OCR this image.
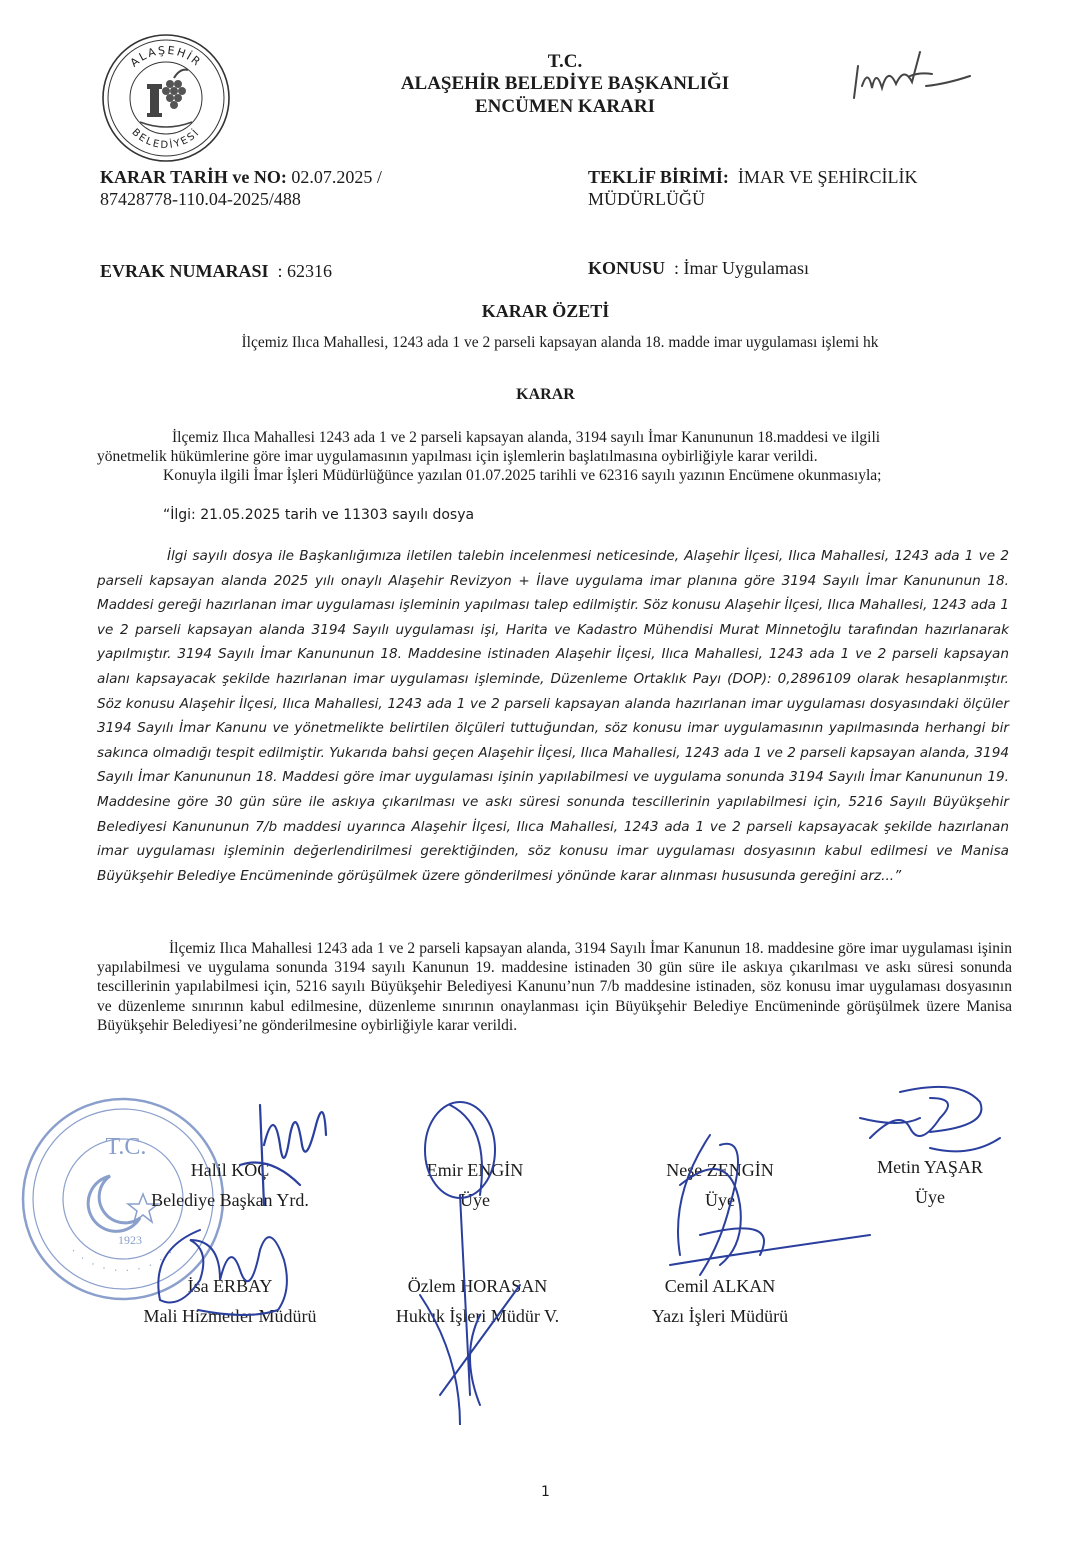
ALAŞEHİR
BELEDİYESİ
T.C.
ALAŞEHİR BELEDİYE BAŞKANLIĞI
ENCÜMEN KARARI
KARAR TARİH ve NO: 02.07.2025 /
87428778-110.04-2025/488
TEKLİF BİRİMİ: İMAR VE ŞEHİRCİLİK
MÜDÜRLÜĞÜ
EVRAK NUMARASI : 62316	KONUSU : İmar Uygulaması
KARAR ÖZETİ
İlçemiz Ilıca Mahallesi, 1243 ada 1 ve 2 parseli kapsayan alanda 18. madde imar uygulaması işlemi hk
KARAR
İlçemiz Ilıca Mahallesi 1243 ada 1 ve 2 parseli kapsayan alanda, 3194 sayılı İmar Kanununun 18.maddesi ve ilgili
yönetmelik hükümlerine göre imar uygulamasının yapılması için işlemlerin başlatılmasına oybirliğiyle karar verildi.
Konuyla ilgili İmar İşleri Müdürlüğünce yazılan 01.07.2025 tarihli ve 62316 sayılı yazının Encümene okunmasıyla;
“İlgi: 21.05.2025 tarih ve 11303 sayılı dosya
İlgi sayılı dosya ile Başkanlığımıza iletilen talebin incelenmesi neticesinde, Alaşehir İlçesi, Ilıca Mahallesi, 1243 ada 1 ve 2 parseli kapsayan alanda 2025 yılı onaylı Alaşehir Revizyon + İlave uygulama imar planına göre 3194 Sayılı İmar Kanununun 18. Maddesi gereği hazırlanan imar uygulaması işleminin yapılması talep edilmiştir. Söz konusu Alaşehir İlçesi, Ilıca Mahallesi, 1243 ada 1 ve 2 parseli kapsayan alanda 3194 Sayılı uygulaması işi, Harita ve Kadastro Mühendisi Murat Minnetoğlu tarafından hazırlanarak yapılmıştır. 3194 Sayılı İmar Kanununun 18. Maddesine istinaden Alaşehir İlçesi, Ilıca Mahallesi, 1243 ada 1 ve 2 parseli kapsayan alanı kapsayacak şekilde hazırlanan imar uygulaması işleminde, Düzenleme Ortaklık Payı (DOP): 0,2896109 olarak hesaplanmıştır. Söz konusu Alaşehir İlçesi, Ilıca Mahallesi, 1243 ada 1 ve 2 parseli kapsayan alanda hazırlanan imar uygulaması dosyasındaki ölçüler 3194 Sayılı İmar Kanunu ve yönetmelikte belirtilen ölçüleri tuttuğundan, söz konusu imar uygulamasının yapılmasında herhangi bir sakınca olmadığı tespit edilmiştir. Yukarıda bahsi geçen Alaşehir İlçesi, Ilıca Mahallesi, 1243 ada 1 ve 2 parseli kapsayan alanda, 3194 Sayılı İmar Kanununun 18. Maddesi göre imar uygulaması işinin yapılabilmesi ve uygulama sonunda 3194 Sayılı İmar Kanununun 19. Maddesine göre 30 gün süre ile askıya çıkarılması ve askı süresi sonunda tescillerinin yapılabilmesi için, 5216 Sayılı Büyükşehir Belediyesi Kanununun 7/b maddesi uyarınca Alaşehir İlçesi, Ilıca Mahallesi, 1243 ada 1 ve 2 parseli kapsayacak şekilde hazırlanan imar uygulaması işleminin değerlendirilmesi gerektiğinden, söz konusu imar uygulaması dosyasının kabul edilmesi ve Manisa Büyükşehir Belediye Encümeninde görüşülmek üzere gönderilmesi yönünde karar alınması hususunda gereğini arz...”
İlçemiz Ilıca Mahallesi 1243 ada 1 ve 2 parseli kapsayan alanda, 3194 Sayılı İmar Kanunun 18. maddesine göre imar uygulaması işinin yapılabilmesi ve uygulama sonunda 3194 sayılı Kanunun 19. maddesine istinaden 30 gün süre ile askıya çıkarılması ve askı süresi sonunda tescillerinin yapılabilmesi için, 5216 sayılı Büyükşehir Belediyesi Kanunu’nun 7/b maddesine istinaden, söz konusu imar uygulaması dosyasının ve düzenleme sınırının kabul edilmesine, düzenleme sınırının onaylanması için Büyükşehir Belediye Encümeninde görüşülmek üzere Manisa Büyükşehir Belediyesi’ne gönderilmesine oybirliğiyle karar verildi.
T.C.
1923
· · · · · · · · · ·
Halil KOÇ
Belediye Başkan Yrd.
Emir ENGİN
Üye
Neşe ZENGİN
Üye
Metin YAŞAR
Üye
İsa ERBAY
Mali Hizmetler Müdürü
Özlem HORASAN
Hukuk İşleri Müdür V.
Cemil ALKAN
Yazı İşleri Müdürü
1
